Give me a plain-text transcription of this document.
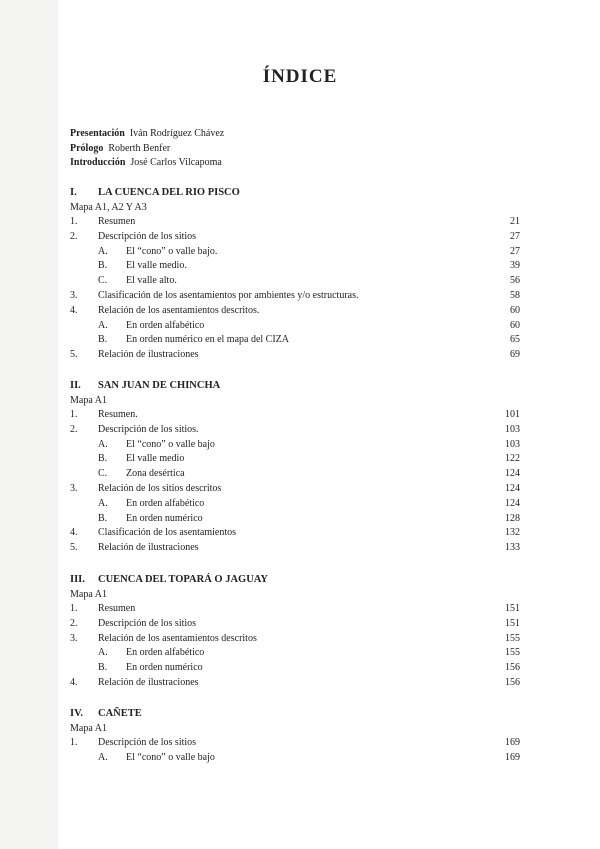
ÍNDICE
Presentación Iván Rodríguez Chávez
Prólogo Roberth Benfer
Introducción José Carlos Vilcapoma
I. LA CUENCA DEL RIO PISCO
Mapa A1, A2 Y A3
1. Resumen	21
2. Descripción de los sitios	27
A. El “cono” o valle bajo.	27
B. El valle medio.	39
C. El valle alto.	56
3. Clasificación de los asentamientos por ambientes y/o estructuras.	58
4. Relación de los asentamientos descritos.	60
A. En orden alfabético	60
B. En orden numérico en el mapa del CIZA	65
5. Relación de ilustraciones	69
II. SAN JUAN DE CHINCHA
Mapa A1
1. Resumen.	101
2. Descripción de los sitios.	103
A. El “cono” o valle bajo	103
B. El valle medio	122
C. Zona desértica	124
3. Relación de los sitios descritos	124
A. En orden alfabético	124
B. En orden numérico	128
4. Clasificación de los asentamientos	132
5. Relación de ilustraciones	133
III. CUENCA DEL TOPARÁ O JAGUAY
Mapa A1
1. Resumen	151
2. Descripción de los sitios	151
3. Relación de los asentamientos descritos	155
A. En orden alfabético	155
B. En orden numérico	156
4. Relación de ilustraciones	156
IV. CAÑETE
Mapa A1
1. Descripción de los sitios	169
A. El “cono” o valle bajo	169
